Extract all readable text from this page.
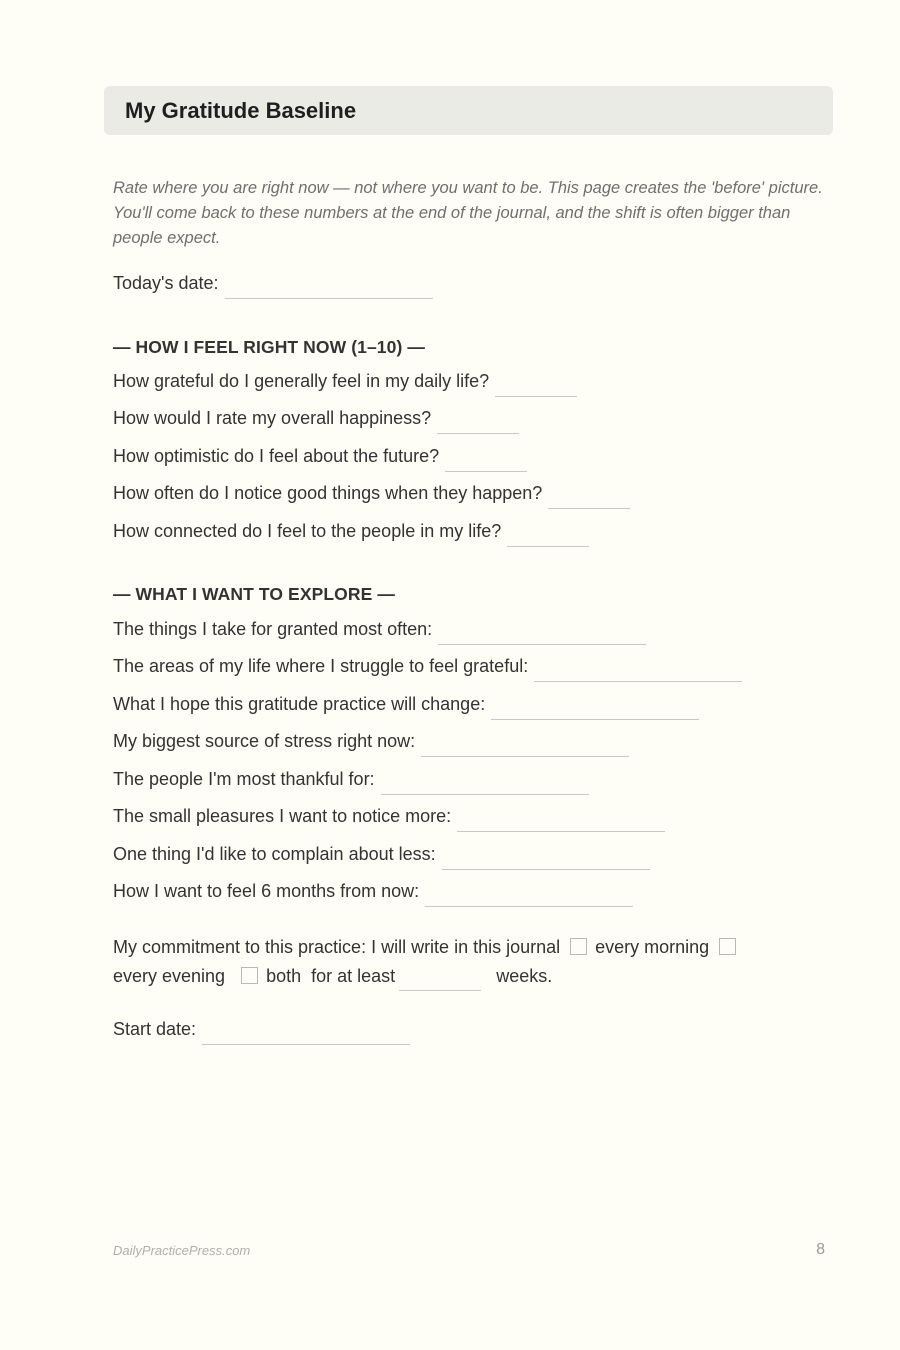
My Gratitude Baseline

Rate where you are right now — not where you want to be. This page creates the 'before' picture. You'll come back to these numbers at the end of the journal, and the shift is often bigger than people expect.

Today's date:
— HOW I FEEL RIGHT NOW (1–10) —
How grateful do I generally feel in my daily life?
How would I rate my overall happiness?
How optimistic do I feel about the future?
How often do I notice good things when they happen?
How connected do I feel to the people in my life?
— WHAT I WANT TO EXPLORE —
The things I take for granted most often:
The areas of my life where I struggle to feel grateful:
What I hope this gratitude practice will change:
My biggest source of stress right now:
The people I'm most thankful for:
The small pleasures I want to notice more:
One thing I'd like to complain about less:
How I want to feel 6 months from now:
My commitment to this practice: I will write in this journal every morning
every evening both for at least	weeks.
Start date:
DailyPracticePress.com	8
